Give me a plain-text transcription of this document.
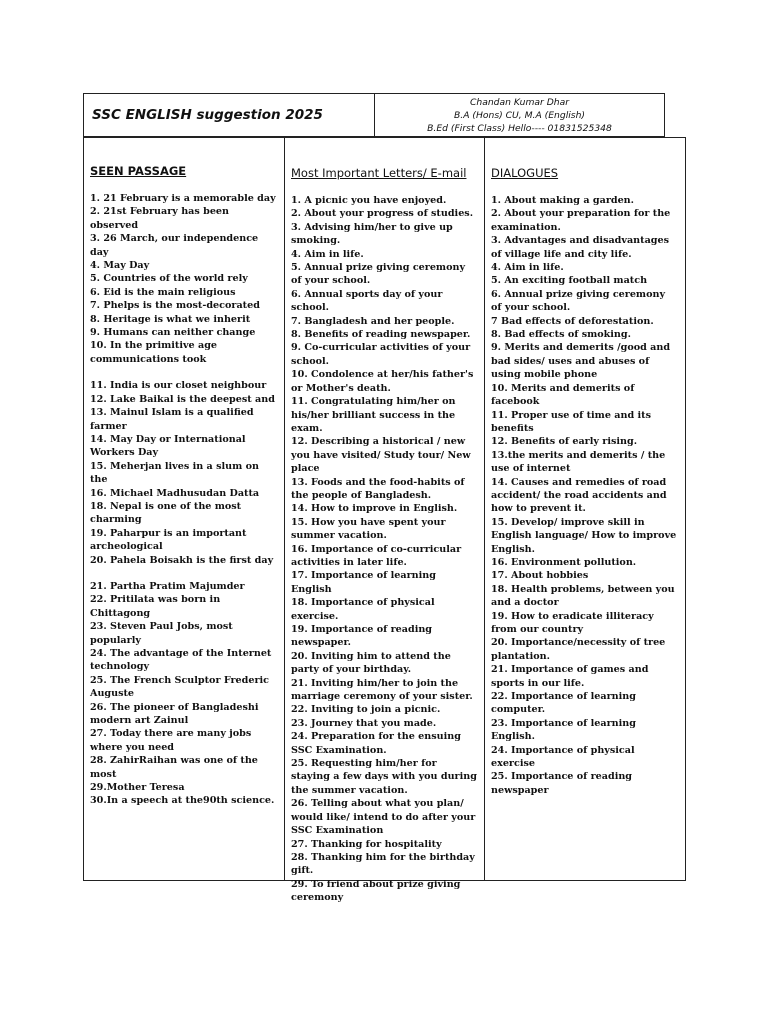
SSC ENGLISH suggestion 2025
Chandan Kumar Dhar
B.A (Hons) CU, M.A (English)
B.Ed (First Class) Hello---- 01831525348
SEEN PASSAGE
1. 21 February is a memorable day
2. 21st February has been observed
3. 26 March, our independence day
4. May Day
5. Countries of the world rely
6. Eid is the main religious
7. Phelps is the most-decorated
8. Heritage is what we inherit
9. Humans can neither change
10. In the primitive age communications took
11. India is our closet neighbour
12. Lake Baikal is the deepest and
13. Mainul Islam is a qualified farmer
14. May Day or International Workers Day
15. Meherjan lives in a slum on the
16. Michael Madhusudan Datta
18. Nepal is one of the most charming
19. Paharpur is an important archeological
20. Pahela Boisakh is the first day
21. Partha Pratim Majumder
22. Pritilata was born in Chittagong
23. Steven Paul Jobs, most popularly
24. The advantage of the Internet technology
25. The French Sculptor Frederic Auguste
26. The pioneer of Bangladeshi modern art Zainul
27. Today there are many jobs where you need
28. ZahirRaihan was one of the most
29.Mother Teresa
30.In a speech at the90th science.
Most Important Letters/ E-mail
1. A picnic you have enjoyed.
2. About your progress of studies.
3. Advising him/her to give up smoking.
4. Aim in life.
5. Annual prize giving ceremony of your school.
6. Annual sports day of your school.
7. Bangladesh and her people.
8. Benefits of reading newspaper.
9. Co-curricular activities of your school.
10. Condolence at her/his father's or Mother's death.
11. Congratulating him/her on his/her brilliant success in the exam.
12. Describing a historical / new you have visited/ Study tour/ New place
13. Foods and the food-habits of the people of Bangladesh.
14. How to improve in English.
15. How you have spent your summer vacation.
16. Importance of co-curricular activities in later life.
17. Importance of learning English
18. Importance of physical exercise.
19. Importance of reading newspaper.
20. Inviting him to attend the party of your birthday.
21. Inviting him/her to join the marriage ceremony of your sister.
22. Inviting to join a picnic.
23. Journey that you made.
24. Preparation for the ensuing SSC Examination.
25. Requesting him/her for staying a few days with you during the summer vacation.
26. Telling about what you plan/ would like/ intend to do after your SSC Examination
27. Thanking for hospitality
28. Thanking him for the birthday gift.
29. To friend about prize giving ceremony
DIALOGUES
1. About making a garden.
2. About your preparation for the examination.
3. Advantages and disadvantages of village life and city life.
4. Aim in life.
5. An exciting football match
6. Annual prize giving ceremony of your school.
7 Bad effects of deforestation.
8. Bad effects of smoking.
9. Merits and demerits /good and bad sides/ uses and abuses of using mobile phone
10. Merits and demerits of facebook
11. Proper use of time and its benefits
12. Benefits of early rising.
13.the merits and demerits / the use of internet
14. Causes and remedies of road accident/ the road accidents and how to prevent it.
15. Develop/ improve skill in English language/ How to improve English.
16. Environment pollution.
17. About hobbies
18. Health problems, between you and a doctor
19. How to eradicate illiteracy from our country
20. Importance/necessity of tree plantation.
21. Importance of games and sports in our life.
22. Importance of learning computer.
23. Importance of learning English.
24. Importance of physical exercise
25. Importance of reading newspaper
